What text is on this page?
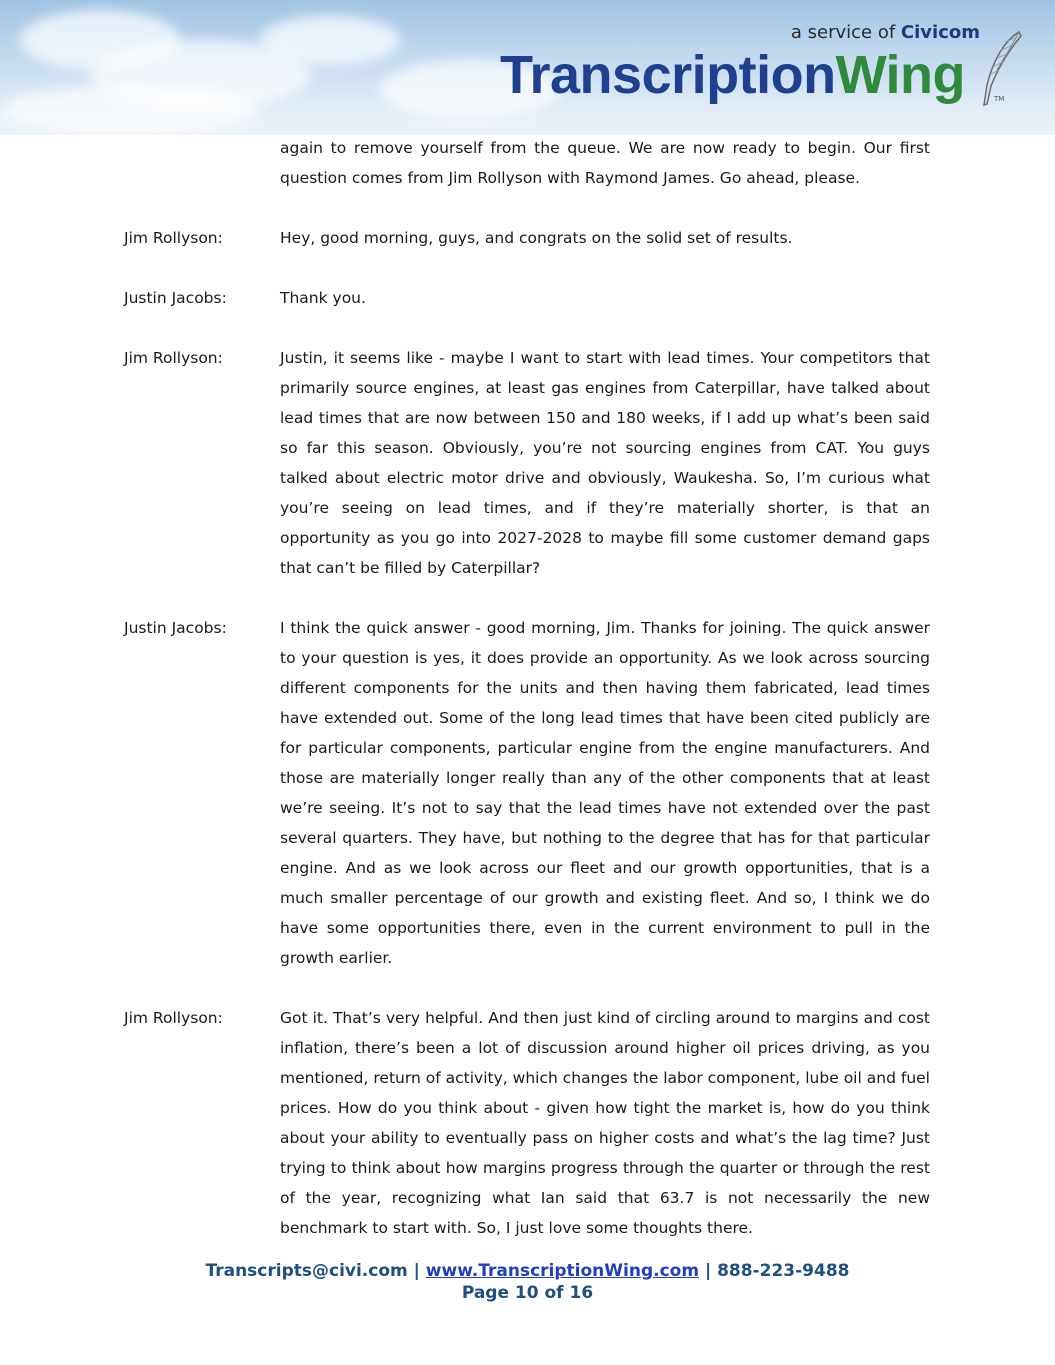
a service of Civicom
TranscriptionWing	TM
again to remove yourself from the queue. We are now ready to begin. Our first question comes from Jim Rollyson with Raymond James. Go ahead, please.
Jim Rollyson:	Hey, good morning, guys, and congrats on the solid set of results.
Justin Jacobs:	Thank you.
Jim Rollyson:	Justin, it seems like - maybe I want to start with lead times. Your competitors that primarily source engines, at least gas engines from Caterpillar, have talked about lead times that are now between 150 and 180 weeks, if I add up what’s been said so far this season. Obviously, you’re not sourcing engines from CAT. You guys talked about electric motor drive and obviously, Waukesha. So, I’m curious what you’re seeing on lead times, and if they’re materially shorter, is that an opportunity as you go into 2027-2028 to maybe fill some customer demand gaps that can’t be filled by Caterpillar?
Justin Jacobs:	I think the quick answer - good morning, Jim. Thanks for joining. The quick answer to your question is yes, it does provide an opportunity. As we look across sourcing different components for the units and then having them fabricated, lead times have extended out. Some of the long lead times that have been cited publicly are for particular components, particular engine from the engine manufacturers. And those are materially longer really than any of the other components that at least we’re seeing. It’s not to say that the lead times have not extended over the past several quarters. They have, but nothing to the degree that has for that particular engine. And as we look across our fleet and our growth opportunities, that is a much smaller percentage of our growth and existing fleet. And so, I think we do have some opportunities there, even in the current environment to pull in the growth earlier.
Jim Rollyson:	Got it. That’s very helpful. And then just kind of circling around to margins and cost inflation, there’s been a lot of discussion around higher oil prices driving, as you mentioned, return of activity, which changes the labor component, lube oil and fuel prices. How do you think about - given how tight the market is, how do you think about your ability to eventually pass on higher costs and what’s the lag time? Just trying to think about how margins progress through the quarter or through the rest of the year, recognizing what Ian said that 63.7 is not necessarily the new benchmark to start with. So, I just love some thoughts there.
Transcripts@civi.com | www.TranscriptionWing.com | 888-223-9488
Page 10 of 16
